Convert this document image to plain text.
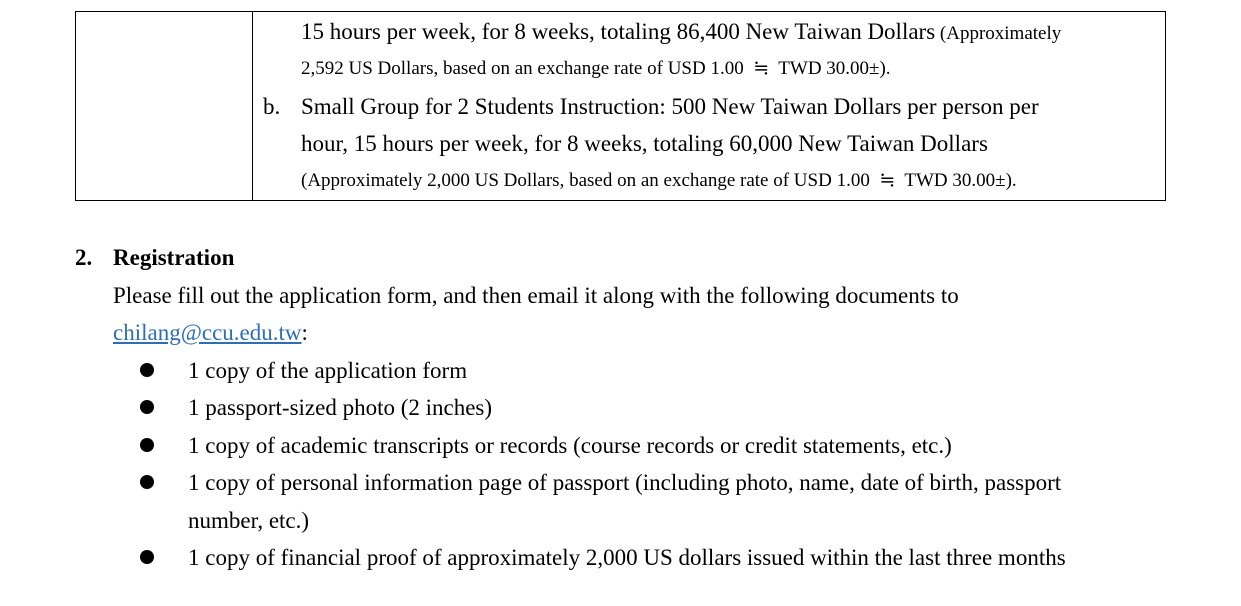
15 hours per week, for 8 weeks, totaling 86,400 New Taiwan Dollars (Approximately
2,592 US Dollars, based on an exchange rate of USD 1.00  ≒  TWD 30.00±).
b. Small Group for 2 Students Instruction: 500 New Taiwan Dollars per person per
hour, 15 hours per week, for 8 weeks, totaling 60,000 New Taiwan Dollars
(Approximately 2,000 US Dollars, based on an exchange rate of USD 1.00  ≒  TWD 30.00±).
2. Registration
Please fill out the application form, and then email it along with the following documents to
chilang@ccu.edu.tw:
1 copy of the application form
1 passport-sized photo (2 inches)
1 copy of academic transcripts or records (course records or credit statements, etc.)
1 copy of personal information page of passport (including photo, name, date of birth, passport
number, etc.)
1 copy of financial proof of approximately 2,000 US dollars issued within the last three months
